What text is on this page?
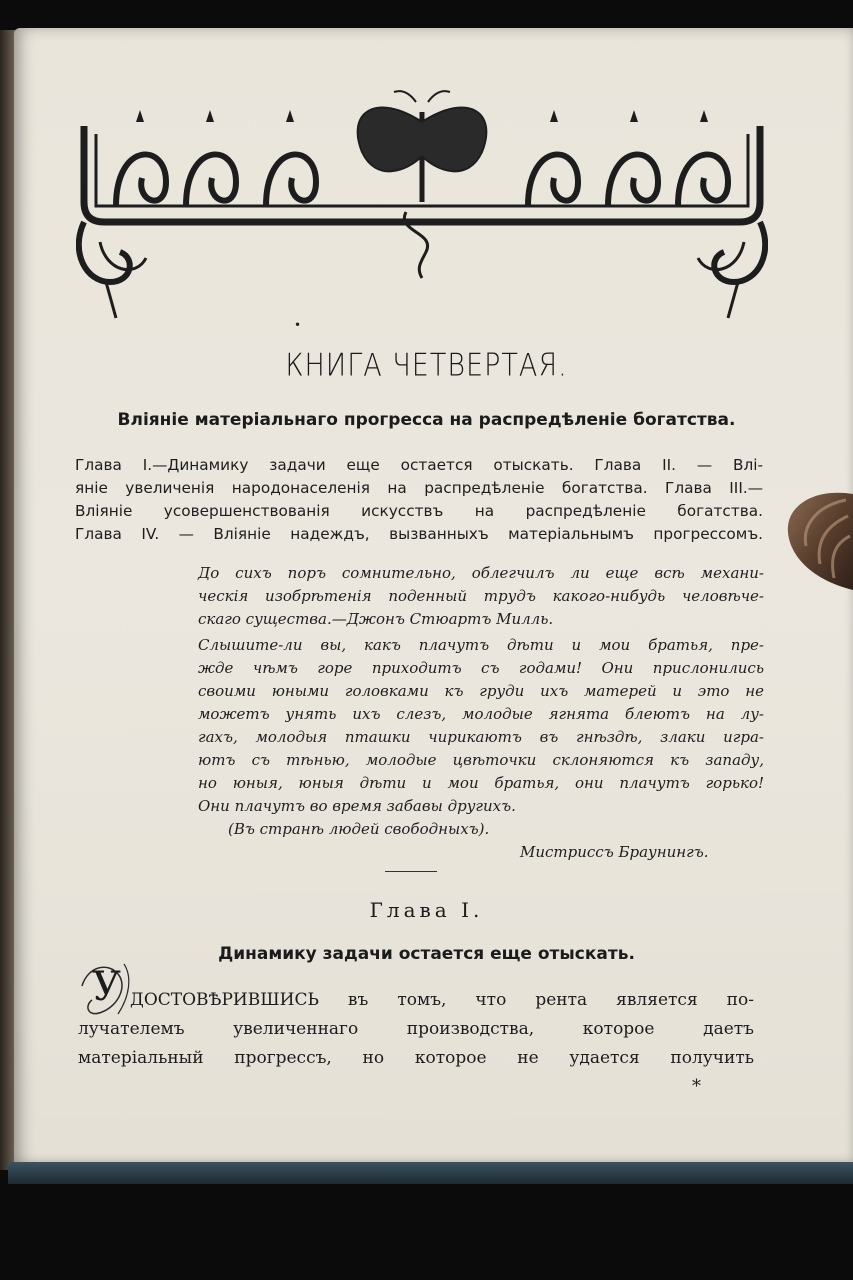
•
КНИГА ЧЕТВЕРТАЯ.
Вліяніе матеріальнаго прогресса на распредѣленіе богатства.
Глава I.—Динамику задачи еще остается отыскать. Глава II. — Влі-
яніе увеличенія народонаселенія на распредѣленіе богатства. Глава III.—
Вліяніе усовершенствованія искусствъ на распредѣленіе богатства.
Глава IV. — Вліяніе надеждъ, вызванныхъ матеріальнымъ прогрессомъ.
До сихъ поръ сомнительно, облегчилъ ли еще всѣ механи-
ческія изобрѣтенія поденный трудъ какого-нибудь человѣче-
скаго существа.—Джонъ Стюартъ Милль.
Слышите-ли вы, какъ плачутъ дѣти и мои братья, пре-
жде чѣмъ горе приходитъ съ годами! Они прислонились
своими юными головками къ груди ихъ матерей и это не
можетъ унять ихъ слезъ, молодые ягнята блеютъ на лу-
гахъ, молодыя пташки чирикаютъ въ гнѣздѣ, злаки игра-
ютъ съ тѣнью, молодые цвѣточки склоняются къ западу,
но юныя, юныя дѣти и мои братья, они плачутъ горько!
Они плачутъ во время забавы другихъ.
(Въ странѣ людей свободныхъ).
Мистриссъ Браунингъ.
Глава I.
Динамику задачи остается еще отыскать.
У ДОСТОВѢРИВШИСЬ въ томъ, что рента является по-
лучателемъ увеличеннаго производства, которое даетъ
матеріальный прогрессъ, но которое не удается получить
*
